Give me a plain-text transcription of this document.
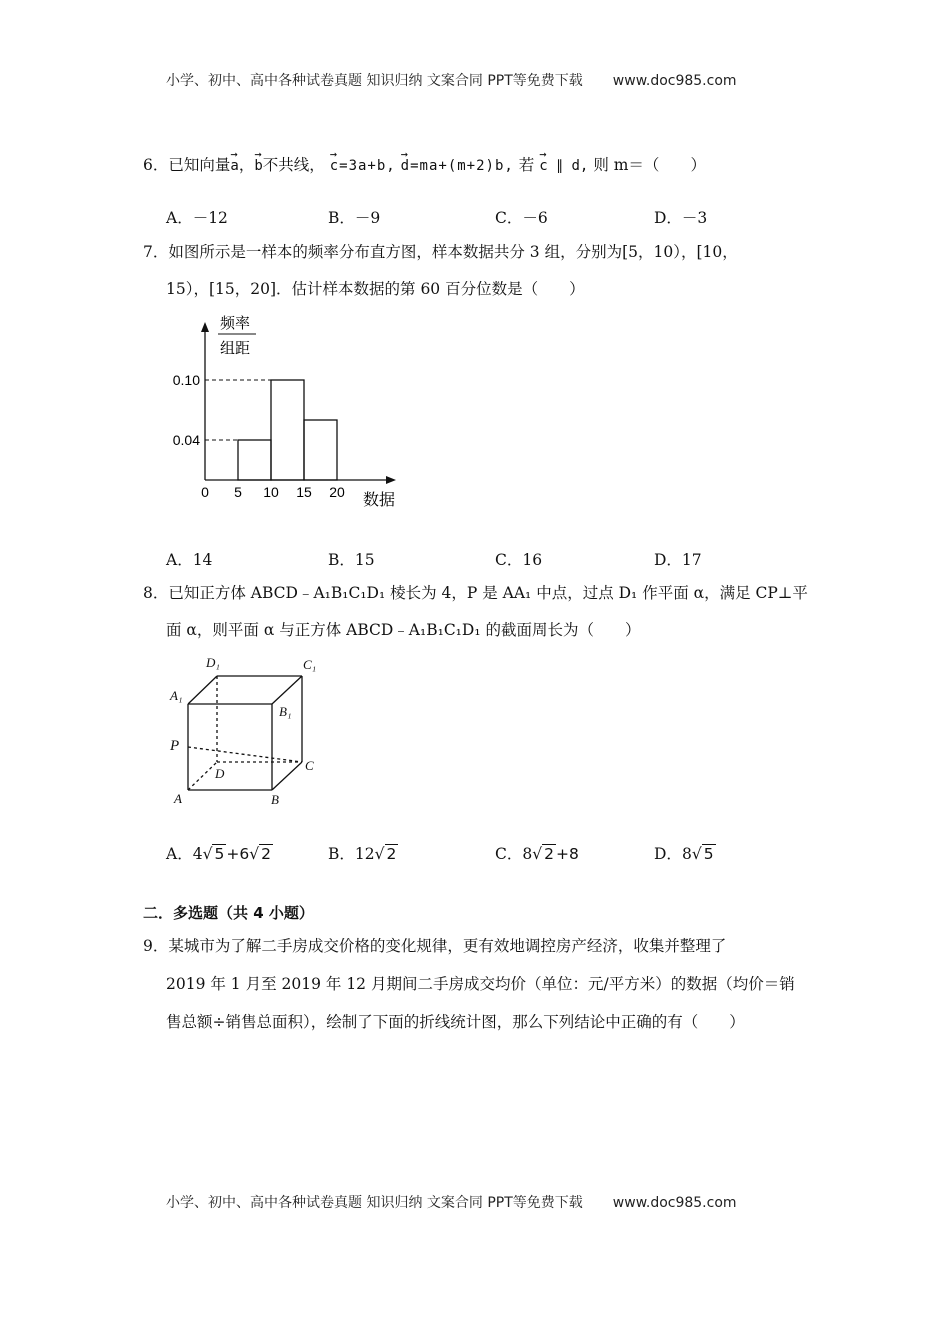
小学、初中、高中各种试卷真题 知识归纳 文案合同 PPT等免费下载 www.doc985.com
6．已知向量→ a，→ b不共线， → c=3a+b, → d=ma+(m+2)b, 若 → c ∥ d, 则 m＝（　　）
A．－12	B．－9	C．－6	D．－3
7．如图所示是一样本的频率分布直方图，样本数据共分 3 组，分别为[5，10），[10，
15），[15，20]．估计样本数据的第 60 百分位数是（　　）
频率
组距
0.10
0.04
0 5 10 15 20 数据
A．14	B．15	C．16	D．17
8．已知正方体 ABCD﹣A₁B₁C₁D₁ 棱长为 4，P 是 AA₁ 中点，过点 D₁ 作平面 α，满足 CP⊥平
面 α，则平面 α 与正方体 ABCD﹣A₁B₁C₁D₁ 的截面周长为（　　）
D₁	C₁
A₁
B₁
P
D
C
A	B
A．4√ 5 +6√ 2	B．12√ 2	C．8√ 2 +8	D．8√ 5
二．多选题（共 4 小题）
9．某城市为了解二手房成交价格的变化规律，更有效地调控房产经济，收集并整理了
2019 年 1 月至 2019 年 12 月期间二手房成交均价（单位：元/平方米）的数据（均价＝销
售总额÷销售总面积），绘制了下面的折线统计图，那么下列结论中正确的有（　　）
小学、初中、高中各种试卷真题 知识归纳 文案合同 PPT等免费下载 www.doc985.com
